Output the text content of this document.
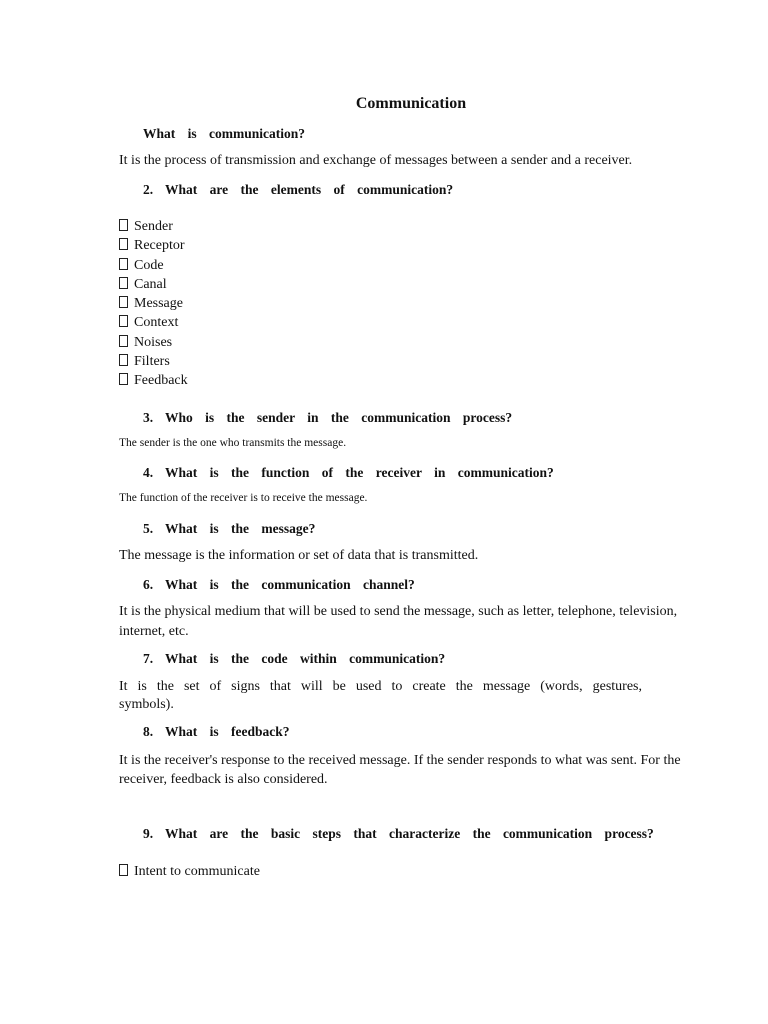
Communication
What is communication?
It is the process of transmission and exchange of messages between a sender and a receiver.
2. What are the elements of communication?
Sender
Receptor
Code
Canal
Message
Context
Noises
Filters
Feedback
3. Who is the sender in the communication process?
The sender is the one who transmits the message.
4. What is the function of the receiver in communication?
The function of the receiver is to receive the message.
5. What is the message?
The message is the information or set of data that is transmitted.
6. What is the communication channel?
It is the physical medium that will be used to send the message, such as letter, telephone, television, internet, etc.
7. What is the code within communication?
It is the set of signs that will be used to create the message (words, gestures, symbols).
8. What is feedback?
It is the receiver's response to the received message. If the sender responds to what was sent. For the receiver, feedback is also considered.
9. What are the basic steps that characterize the communication process?
Intent to communicate
